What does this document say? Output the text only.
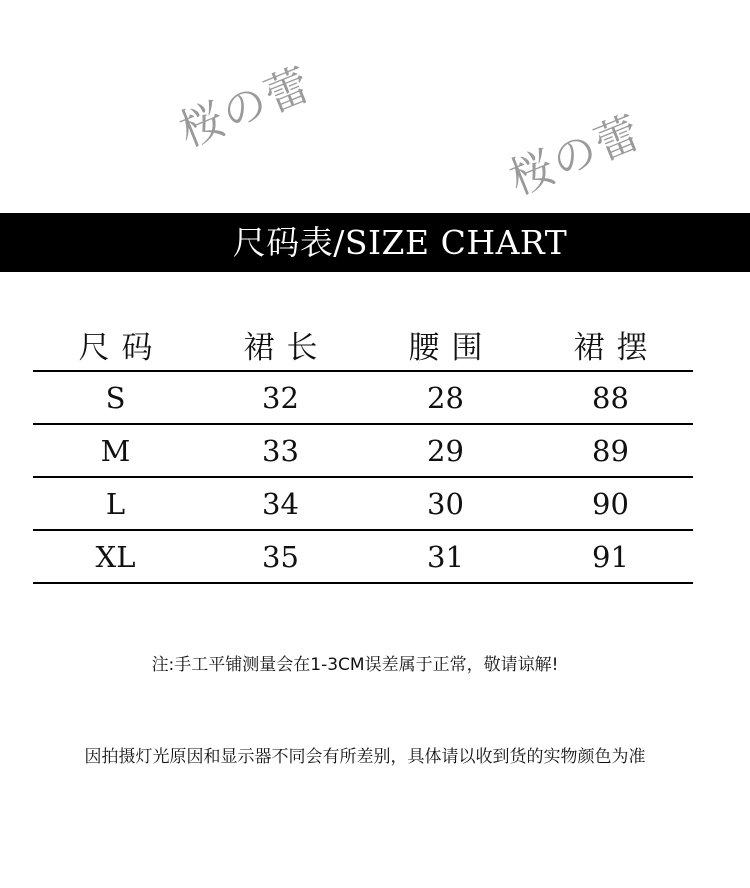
桜の蕾	桜の蕾
尺码表/SIZE CHART
尺码	裙长	腰围	裙摆
S	32	28	88
M	33	29	89
L	34	30	90
XL	35	31	91
注:手工平铺测量会在1-3CM误差属于正常，敬请谅解!
因拍摄灯光原因和显示器不同会有所差别，具体请以收到货的实物颜色为准
